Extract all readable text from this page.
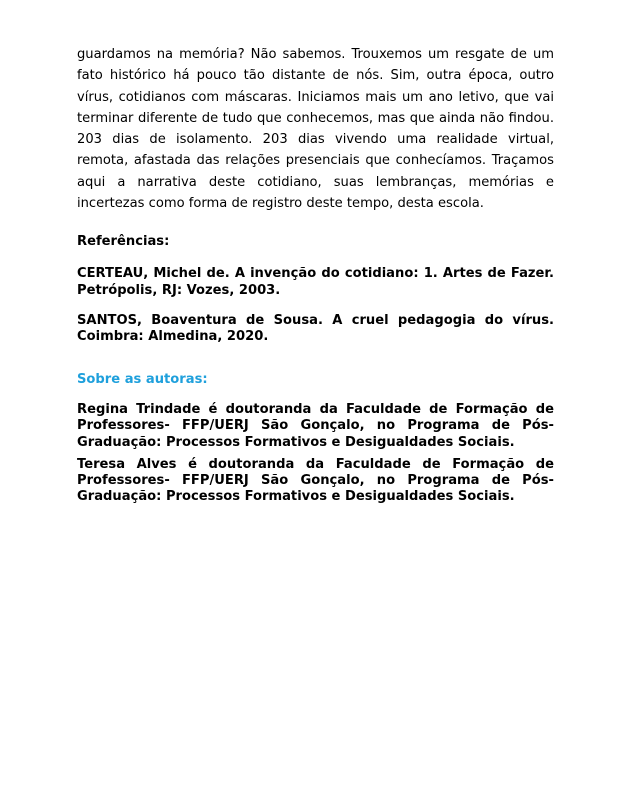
guardamos na memória? Não sabemos. Trouxemos um resgate de um fato histórico há pouco tão distante de nós. Sim, outra época, outro vírus, cotidianos com máscaras. Iniciamos mais um ano letivo, que vai terminar diferente de tudo que conhecemos, mas que ainda não findou. 203 dias de isolamento. 203 dias vivendo uma realidade virtual, remota, afastada das relações presenciais que conhecíamos. Traçamos aqui a narrativa deste cotidiano, suas lembranças, memórias e incertezas como forma de registro deste tempo, desta escola.

Referências:

CERTEAU, Michel de. A invenção do cotidiano: 1. Artes de Fazer. Petrópolis, RJ: Vozes, 2003.

SANTOS, Boaventura de Sousa. A cruel pedagogia do vírus. Coimbra: Almedina, 2020.

Sobre as autoras:

Regina Trindade é doutoranda da Faculdade de Formação de Professores- FFP/UERJ São Gonçalo, no Programa de Pós-Graduação: Processos Formativos e Desigualdades Sociais.

Teresa Alves é doutoranda da Faculdade de Formação de Professores- FFP/UERJ São Gonçalo, no Programa de Pós-Graduação: Processos Formativos e Desigualdades Sociais.
